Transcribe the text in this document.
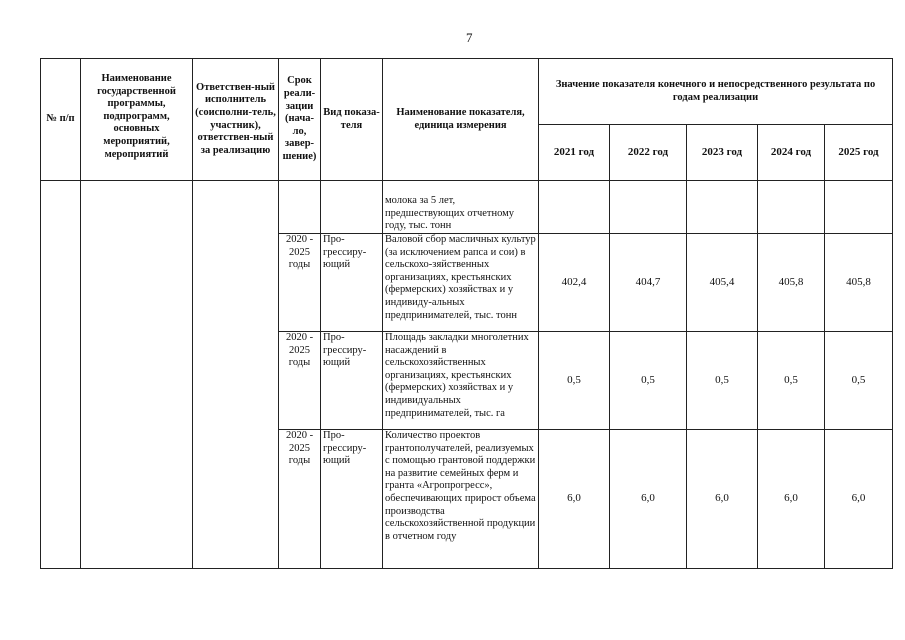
7
№ п/п	Наименование государственной программы, подпрограмм, основных мероприятий, мероприятий	Ответствен-ный исполнитель (соисполни-тель, участник), ответствен-ный за реализацию	Срок реали-зации (нача-ло, завер-шение)	Вид показа-теля	Наименование показателя, единица измерения	Значение показателя конечного и непосредственного результата по годам реализации				
						2021 год	2022 год	2023 год	2024 год	2025 год
					молока за 5 лет, предшествующих отчетному году, тыс. тонн					
			2020 - 2025 годы	Про-грессиру-ющий	Валовой сбор масличных культур (за исключением рапса и сои) в сельскохо-зяйственных организациях, крестьянских (фермерских) хозяйствах и у индивиду-альных предпринимателей, тыс. тонн	402,4	404,7	405,4	405,8	405,8
			2020 - 2025 годы	Про-грессиру-ющий	Площадь закладки многолетних насаждений в сельскохозяйственных организациях, крестьянских (фермерских) хозяйствах и у индивидуальных предпринимателей, тыс. га	0,5	0,5	0,5	0,5	0,5
			2020 - 2025 годы	Про-грессиру-ющий	Количество проектов грантополучателей, реализуемых с помощью грантовой поддержки на развитие семейных ферм и гранта «Агропрогресс», обеспечивающих прирост объема производства сельскохозяйственной продукции в отчетном году	6,0	6,0	6,0	6,0	6,0
